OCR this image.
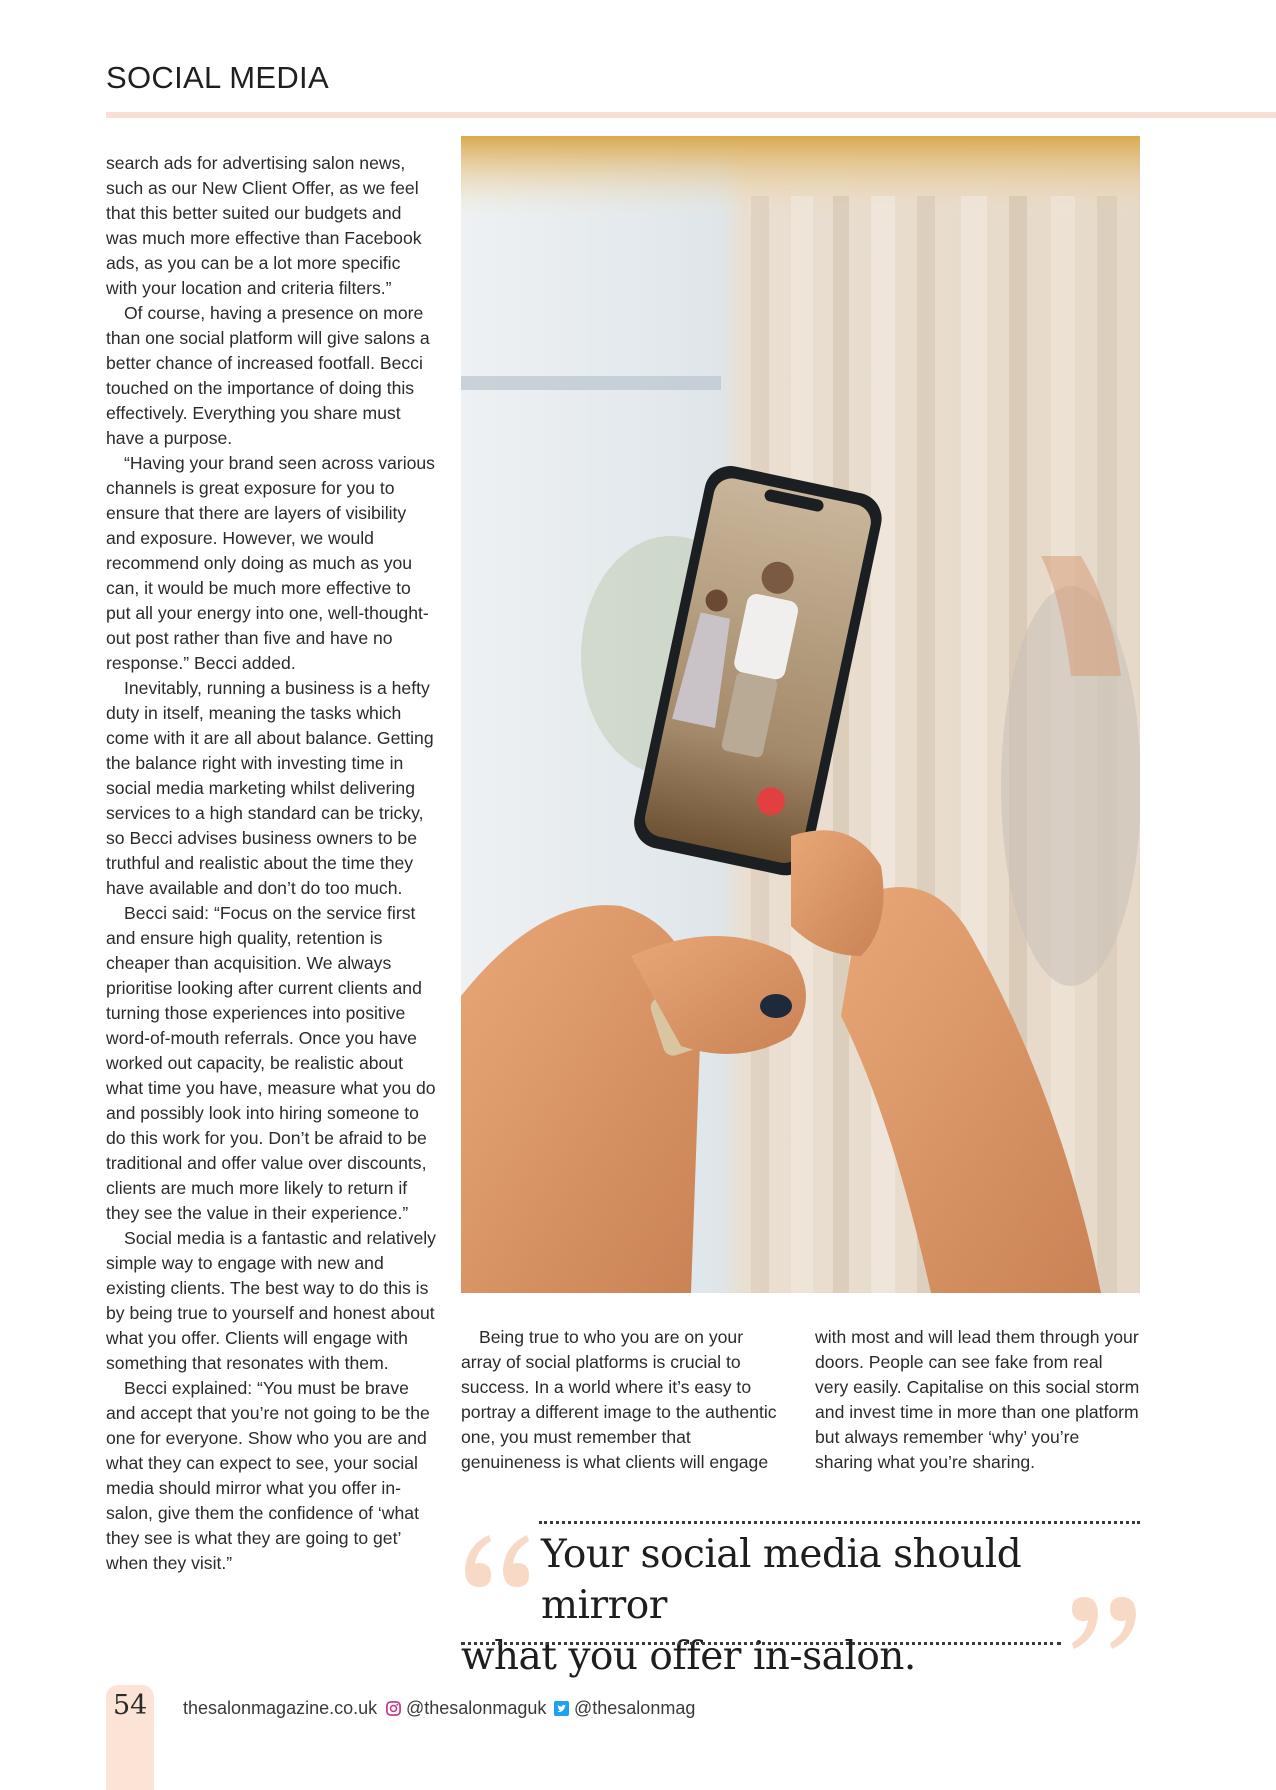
SOCIAL MEDIA

search ads for advertising salon news, such as our New Client Offer, as we feel that this better suited our budgets and was much more effective than Facebook ads, as you can be a lot more specific with your location and criteria filters.”

Of course, having a presence on more than one social platform will give salons a better chance of increased footfall. Becci touched on the importance of doing this effectively. Everything you share must have a purpose.

“Having your brand seen across various channels is great exposure for you to ensure that there are layers of visibility and exposure. However, we would recommend only doing as much as you can, it would be much more effective to put all your energy into one, well-thought-out post rather than five and have no response.” Becci added.

Inevitably, running a business is a hefty duty in itself, meaning the tasks which come with it are all about balance. Getting the balance right with investing time in social media marketing whilst delivering services to a high standard can be tricky, so Becci advises business owners to be truthful and realistic about the time they have available and don’t do too much.

Becci said: “Focus on the service first and ensure high quality, retention is cheaper than acquisition. We always prioritise looking after current clients and turning those experiences into positive word-of-mouth referrals. Once you have worked out capacity, be realistic about what time you have, measure what you do and possibly look into hiring someone to do this work for you. Don’t be afraid to be traditional and offer value over discounts, clients are much more likely to return if they see the value in their experience.”

Social media is a fantastic and relatively simple way to engage with new and existing clients. The best way to do this is by being true to yourself and honest about what you offer. Clients will engage with something that resonates with them.

Becci explained: “You must be brave and accept that you’re not going to be the one for everyone. Show who you are and what they can expect to see, your social media should mirror what you offer in-salon, give them the confidence of ‘what they see is what they are going to get’ when they visit.”

Being true to who you are on your array of social platforms is crucial to success. In a world where it’s easy to portray a different image to the authentic one, you must remember that genuineness is what clients will engage

with most and will lead them through your doors. People can see fake from real very easily. Capitalise on this social storm and invest time in more than one platform but always remember ‘why’ you’re sharing what you’re sharing.

Your social media should mirror
what you offer in-salon.
54 thesalonmagazine.co.uk @thesalonmaguk @thesalonmag
